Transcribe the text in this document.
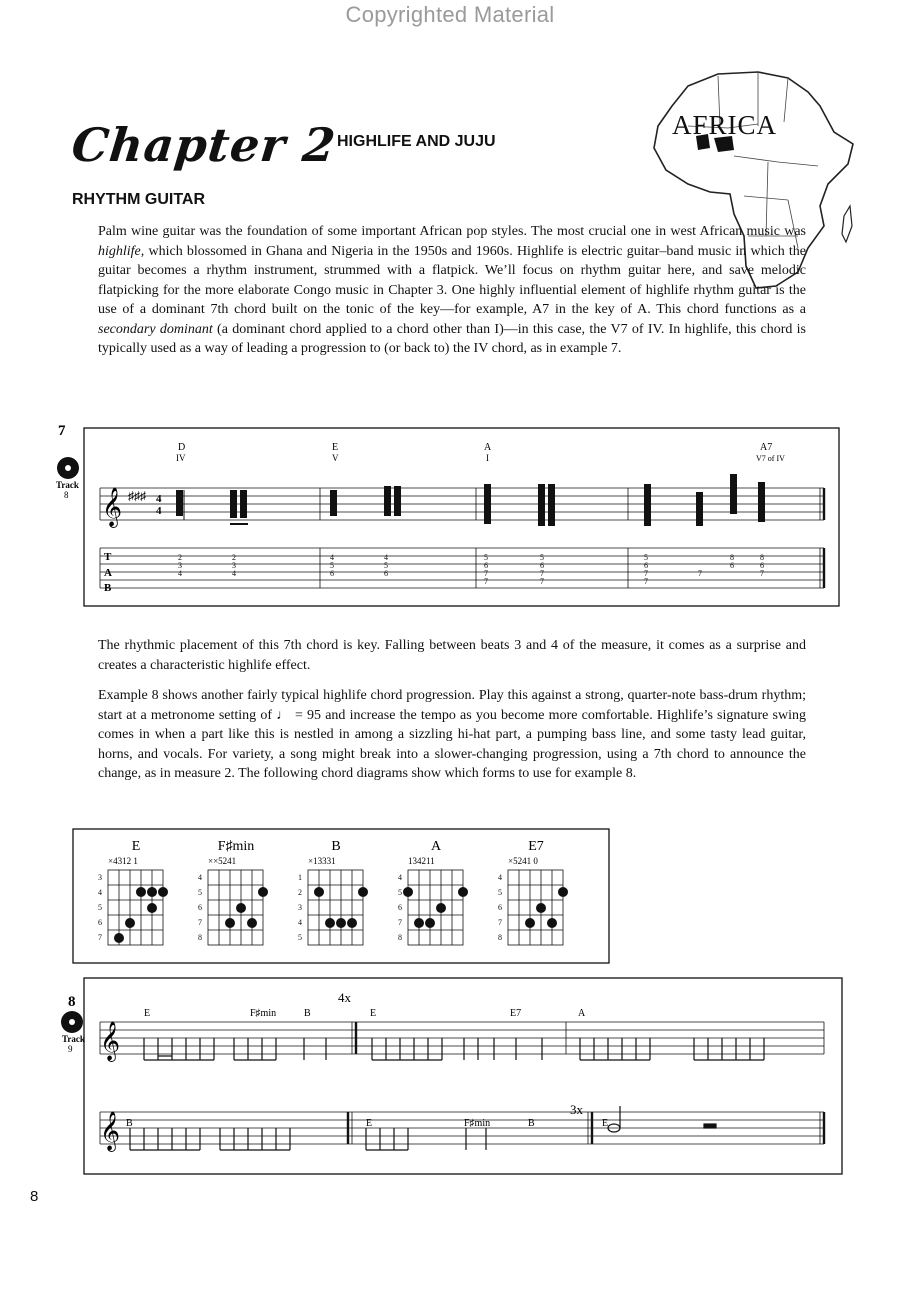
Copyrighted Material
Chapter 2
HIGHLIFE AND JUJU
AFRICA
RHYTHM GUITAR

Palm wine guitar was the foundation of some important African pop styles. The most crucial one in west African music was highlife, which blossomed in Ghana and Nigeria in the 1950s and 1960s. Highlife is electric guitar–band music in which the guitar becomes a rhythm instrument, strummed with a flatpick. We’ll focus on rhythm guitar here, and save melodic flatpicking for the more elaborate Congo music in Chapter 3. One highly influential element of highlife rhythm guitar is the use of a dominant 7th chord built on the tonic of the key—for example, A7 in the key of A. This chord functions as a secondary dominant (a dominant chord applied to a chord other than I)—in this case, the V7 of IV. In highlife, this chord is typically used as a way of leading a progression to (or back to) the IV chord, as in example 7.

7
Track
8
D
IV
E
V
A
I
A7
V7 of IV
𝄞 ♯♯♯ 4
4
T
A
B
2
3
4
2
3
4
4
5
6
4
5
6
5
6
7
7
5
6
7
7
5
6
7
7
7
8
6
8
6
7

The rhythmic placement of this 7th chord is key. Falling between beats 3 and 4 of the measure, it comes as a surprise and creates a characteristic highlife effect.

Example 8 shows another fairly typical highlife chord progression. Play this against a strong, quarter-note bass-drum rhythm; start at a metronome setting of ♩ = 95 and increase the tempo as you become more comfortable. Highlife’s signature swing comes in when a part like this is nestled in among a sizzling hi-hat part, a pumping bass line, and some tasty lead guitar, horns, and vocals. For variety, a song might break into a slower-changing progression, using a 7th chord to announce the change, as in measure 2. The following chord diagrams show which forms to use for example 8.

E
×4312 1
F♯min
××5241
B
×13331
A
134211
E7
×5241 0
3
4
5
6
7
4
5
6
7
8
1
2
3
4
5
4
5
6
7
8
4
5
6
7
8
8
Track
9
4x
E	F♯min	B	E	E7	A
𝄞
3x
B	E	F♯min	B	E
𝄞
8
